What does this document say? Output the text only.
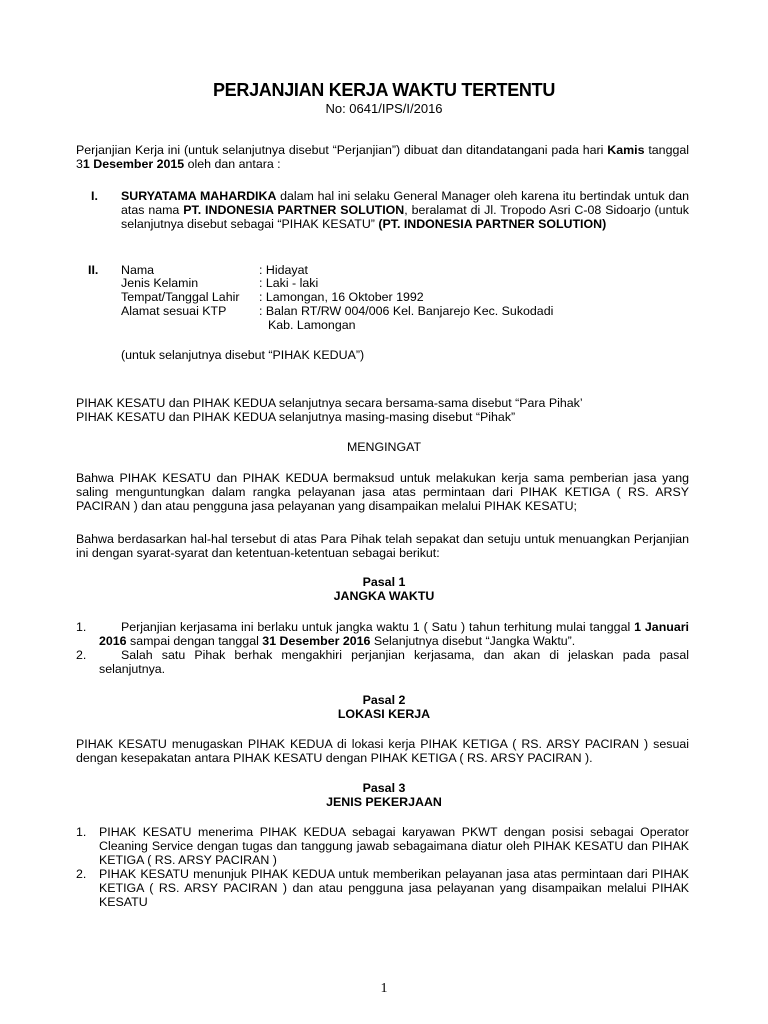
PERJANJIAN KERJA WAKTU TERTENTU
No: 0641/IPS/I/2016
Perjanjian Kerja ini (untuk selanjutnya disebut “Perjanjian”) dibuat dan ditandatangani pada hari Kamis tanggal 31 Desember 2015 oleh dan antara :
I. SURYATAMA MAHARDIKA dalam hal ini selaku General Manager oleh karena itu bertindak untuk dan atas nama PT. INDONESIA PARTNER SOLUTION, beralamat di Jl. Tropodo Asri C-08 Sidoarjo (untuk selanjutnya disebut sebagai “PIHAK KESATU” (PT. INDONESIA PARTNER SOLUTION)
II. Nama	: Hidayat
Jenis Kelamin	: Laki - laki
Tempat/Tanggal Lahir : Lamongan, 16 Oktober 1992
Alamat sesuai KTP	: Balan RT/RW 004/006 Kel. Banjarejo Kec. Sukodadi
Kab. Lamongan
(untuk selanjutnya disebut “PIHAK KEDUA”)
PIHAK KESATU dan PIHAK KEDUA selanjutnya secara bersama-sama disebut “Para Pihak’
PIHAK KESATU dan PIHAK KEDUA selanjutnya masing-masing disebut “Pihak”
MENGINGAT
Bahwa PIHAK KESATU dan PIHAK KEDUA bermaksud untuk melakukan kerja sama pemberian jasa yang saling menguntungkan dalam rangka pelayanan jasa atas permintaan dari PIHAK KETIGA ( RS. ARSY PACIRAN ) dan atau pengguna jasa pelayanan yang disampaikan melalui PIHAK KESATU;
Bahwa berdasarkan hal-hal tersebut di atas Para Pihak telah sepakat dan setuju untuk menuangkan Perjanjian ini dengan syarat-syarat dan ketentuan-ketentuan sebagai berikut:
Pasal 1
JANGKA WAKTU
1.	Perjanjian kerjasama ini berlaku untuk jangka waktu 1 ( Satu ) tahun terhitung mulai tanggal 1 Januari 2016 sampai dengan tanggal 31 Desember 2016 Selanjutnya disebut “Jangka Waktu”.
2.	Salah satu Pihak berhak mengakhiri perjanjian kerjasama, dan akan di jelaskan pada pasal selanjutnya.
Pasal 2
LOKASI KERJA
PIHAK KESATU menugaskan PIHAK KEDUA di lokasi kerja PIHAK KETIGA ( RS. ARSY PACIRAN ) sesuai dengan kesepakatan antara PIHAK KESATU dengan PIHAK KETIGA ( RS. ARSY PACIRAN ).
Pasal 3
JENIS PEKERJAAN
1. PIHAK KESATU menerima PIHAK KEDUA sebagai karyawan PKWT dengan posisi sebagai Operator Cleaning Service dengan tugas dan tanggung jawab sebagaimana diatur oleh PIHAK KESATU dan PIHAK KETIGA ( RS. ARSY PACIRAN )
2. PIHAK KESATU menunjuk PIHAK KEDUA untuk memberikan pelayanan jasa atas permintaan dari PIHAK KETIGA ( RS. ARSY PACIRAN ) dan atau pengguna jasa pelayanan yang disampaikan melalui PIHAK KESATU
1
